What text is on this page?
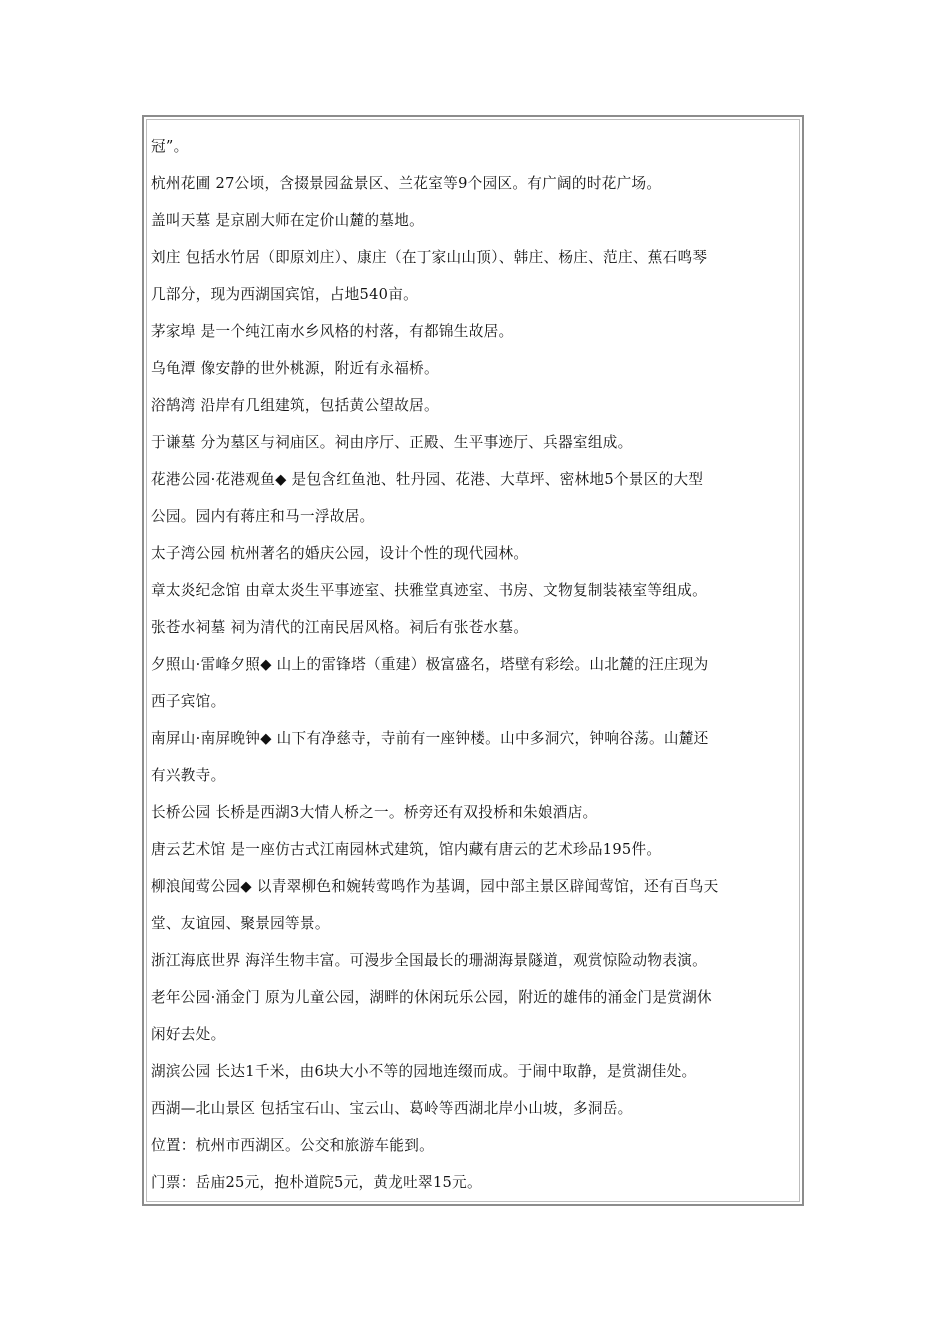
冠”。
杭州花圃 27公顷，含掇景园盆景区、兰花室等9个园区。有广阔的时花广场。
盖叫天墓 是京剧大师在定价山麓的墓地。
刘庄 包括水竹居（即原刘庄）、康庄（在丁家山山顶）、韩庄、杨庄、范庄、蕉石鸣琴
几部分，现为西湖国宾馆，占地540亩。
茅家埠 是一个纯江南水乡风格的村落，有都锦生故居。
乌龟潭 像安静的世外桃源，附近有永福桥。
浴鹄湾 沿岸有几组建筑，包括黄公望故居。
于谦墓 分为墓区与祠庙区。祠由序厅、正殿、生平事迹厅、兵器室组成。
花港公园·花港观鱼◆ 是包含红鱼池、牡丹园、花港、大草坪、密林地5个景区的大型
公园。园内有蒋庄和马一浮故居。
太子湾公园 杭州著名的婚庆公园，设计个性的现代园林。
章太炎纪念馆 由章太炎生平事迹室、扶雅堂真迹室、书房、文物复制装裱室等组成。
张苍水祠墓 祠为清代的江南民居风格。祠后有张苍水墓。
夕照山·雷峰夕照◆ 山上的雷锋塔（重建）极富盛名，塔壁有彩绘。山北麓的汪庄现为
西子宾馆。
南屏山·南屏晚钟◆ 山下有净慈寺，寺前有一座钟楼。山中多洞穴，钟响谷荡。山麓还
有兴教寺。
长桥公园 长桥是西湖3大情人桥之一。桥旁还有双投桥和朱娘酒店。
唐云艺术馆 是一座仿古式江南园林式建筑，馆内藏有唐云的艺术珍品195件。
柳浪闻莺公园◆ 以青翠柳色和婉转莺鸣作为基调，园中部主景区辟闻莺馆，还有百鸟天
堂、友谊园、聚景园等景。
浙江海底世界 海洋生物丰富。可漫步全国最长的珊湖海景隧道，观赏惊险动物表演。
老年公园·涌金门 原为儿童公园，湖畔的休闲玩乐公园，附近的雄伟的涌金门是赏湖休
闲好去处。
湖滨公园 长达1千米，由6块大小不等的园地连缀而成。于闹中取静，是赏湖佳处。
西湖—北山景区 包括宝石山、宝云山、葛岭等西湖北岸小山坡，多洞岳。
位置：杭州市西湖区。公交和旅游车能到。
门票：岳庙25元，抱朴道院5元，黄龙吐翠15元。
